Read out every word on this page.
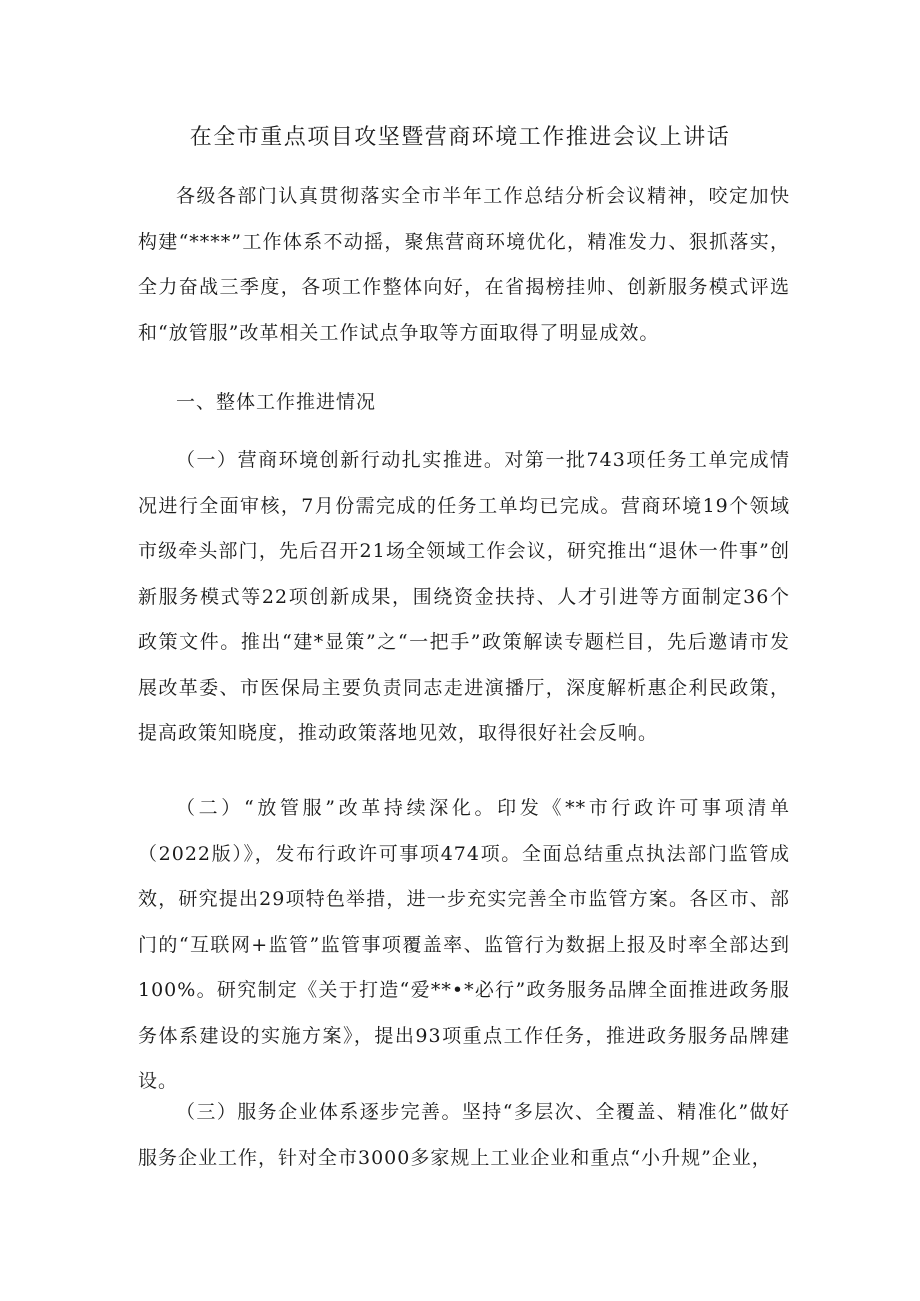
在全市重点项目攻坚暨营商环境工作推进会议上讲话

各级各部门认真贯彻落实全市半年工作总结分析会议精神，咬定加快构建“****”工作体系不动摇，聚焦营商环境优化，精准发力、狠抓落实，全力奋战三季度，各项工作整体向好，在省揭榜挂帅、创新服务模式评选和“放管服”改革相关工作试点争取等方面取得了明显成效。

一、整体工作推进情况

（一）营商环境创新行动扎实推进。对第一批743项任务工单完成情况进行全面审核，7月份需完成的任务工单均已完成。营商环境19个领域市级牵头部门，先后召开21场全领域工作会议，研究推出“退休一件事”创新服务模式等22项创新成果，围绕资金扶持、人才引进等方面制定36个政策文件。推出“建*显策”之“一把手”政策解读专题栏目，先后邀请市发展改革委、市医保局主要负责同志走进演播厅，深度解析惠企利民政策，提高政策知晓度，推动政策落地见效，取得很好社会反响。

（二）“放管服”改革持续深化。印发《**市行政许可事项清单（2022版）》，发布行政许可事项474项。全面总结重点执法部门监管成效，研究提出29项特色举措，进一步充实完善全市监管方案。各区市、部门的“互联网+监管”监管事项覆盖率、监管行为数据上报及时率全部达到100%。研究制定《关于打造“爱**•*必行”政务服务品牌全面推进政务服务体系建设的实施方案》，提出93项重点工作任务，推进政务服务品牌建设。

（三）服务企业体系逐步完善。坚持“多层次、全覆盖、精准化”做好服务企业工作，针对全市3000多家规上工业企业和重点“小升规”企业，
